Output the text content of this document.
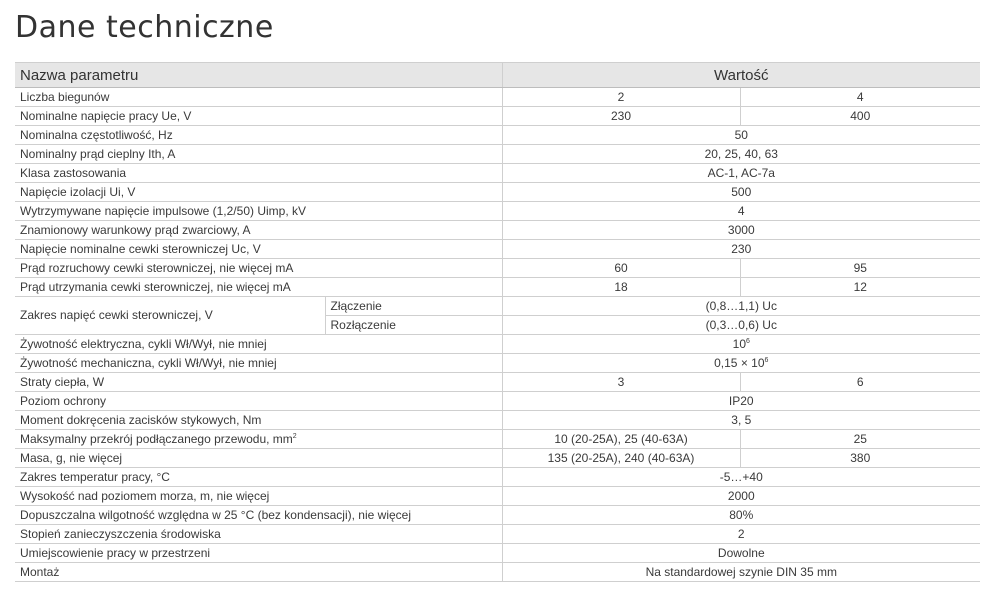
Dane techniczne
Nazwa parametru		Wartość	
Liczba biegunów		2	4
Nominalne napięcie pracy Ue, V		230	400
Nominalna częstotliwość, Hz		50	
Nominalny prąd cieplny Ith, A		20, 25, 40, 63	
Klasa zastosowania		AC-1, AC-7a	
Napięcie izolacji Ui, V		500	
Wytrzymywane napięcie impulsowe (1,2/50) Uimp, kV		4	
Znamionowy warunkowy prąd zwarciowy, A		3000	
Napięcie nominalne cewki sterowniczej Uc, V		230	
Prąd rozruchowy cewki sterowniczej, nie więcej mA		60	95
Prąd utrzymania cewki sterowniczej, nie więcej mA		18	12
Zakres napięć cewki sterowniczej, V	Złączenie	(0,8…1,1) Uc	
	Rozłączenie	(0,3…0,6) Uc	
Żywotność elektryczna, cykli Wł/Wył, nie mniej		$10^6$
Żywotność mechaniczna, cykli Wł/Wył, nie mniej		$0,15 \times 10^6$
Straty ciepła, W		3	6
Poziom ochrony		IP20	
Moment dokręcenia zacisków stykowych, Nm		3, 5	
Maksymalny przekrój podłączanego przewodu, $mm^2$		10 (20-25A), 25 (40-63A)	25
Masa, g, nie więcej		135 (20-25A), 240 (40-63A)	380
Zakres temperatur pracy, °C		-5…+40	
Wysokość nad poziomem morza, m, nie więcej		2000	
Dopuszczalna wilgotność względna w 25 °C (bez kondensacji), nie więcej		80%	
Stopień zanieczyszczenia środowiska		2	
Umiejscowienie pracy w przestrzeni		Dowolne	
Montaż		Na standardowej szynie DIN 35 mm	
